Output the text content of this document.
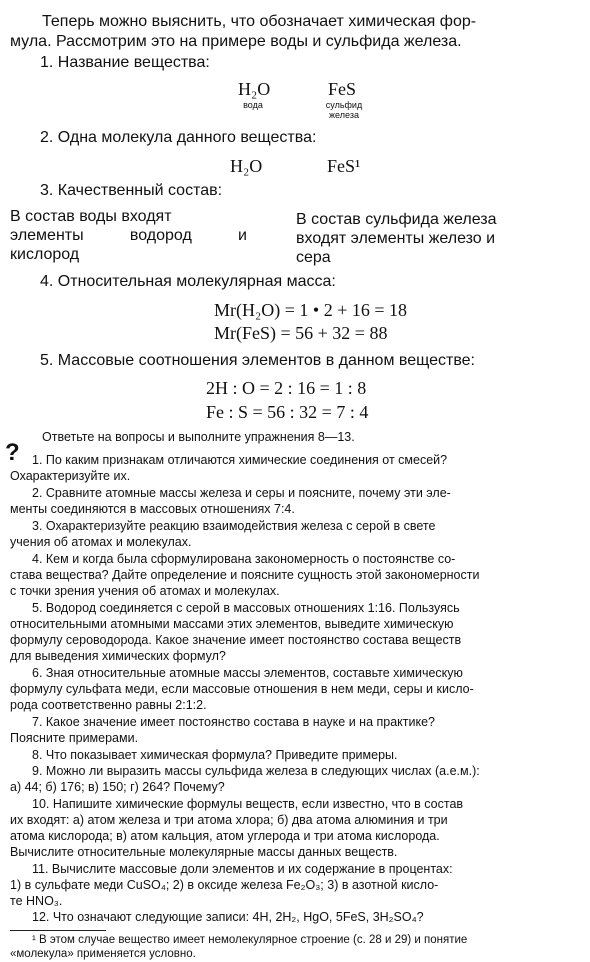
Теперь можно выяснить, что обозначает химическая фор-
мула. Рассмотрим это на примере воды и сульфида железа.
1. Название вещества:
H₂O
вода
FeS
сульфид
железа
2. Одна молекула данного вещества:
H₂O	FeS¹
3. Качественный состав:
В состав воды входят
элементы водород и
кислород
В состав сульфида железа
входят элементы железо и
сера
4. Относительная молекулярная масса:
Mr(H₂O) = 1 • 2 + 16 = 18
Mr(FeS) = 56 + 32 = 88
5. Массовые соотношения элементов в данном веществе:
2H : O = 2 : 16 = 1 : 8
Fe : S = 56 : 32 = 7 : 4
Ответьте на вопросы и выполните упражнения 8—13.
? 1. По каким признакам отличаются химические соединения от смесей?
Охарактеризуйте их.
2. Сравните атомные массы железа и серы и поясните, почему эти эле-
менты соединяются в массовых отношениях 7:4.
3. Охарактеризуйте реакцию взаимодействия железа с серой в свете
учения об атомах и молекулах.
4. Кем и когда была сформулирована закономерность о постоянстве со-
става вещества? Дайте определение и поясните сущность этой закономерности
с точки зрения учения об атомах и молекулах.
5. Водород соединяется с серой в массовых отношениях 1:16. Пользуясь
относительными атомными массами этих элементов, выведите химическую
формулу сероводорода. Какое значение имеет постоянство состава веществ
для выведения химических формул?
6. Зная относительные атомные массы элементов, составьте химическую
формулу сульфата меди, если массовые отношения в нем меди, серы и кисло-
рода соответственно равны 2:1:2.
7. Какое значение имеет постоянство состава в науке и на практике?
Поясните примерами.
8. Что показывает химическая формула? Приведите примеры.
9. Можно ли выразить массы сульфида железа в следующих числах (а.е.м.):
а) 44; б) 176; в) 150; г) 264? Почему?
10. Напишите химические формулы веществ, если известно, что в состав
их входят: а) атом железа и три атома хлора; б) два атома алюминия и три
атома кислорода; в) атом кальция, атом углерода и три атома кислорода.
Вычислите относительные молекулярные массы данных веществ.
11. Вычислите массовые доли элементов и их содержание в процентах:
1) в сульфате меди CuSO₄; 2) в оксиде железа Fe₂O₃; 3) в азотной кисло-
те HNO₃.
12. Что означают следующие записи: 4H, 2H₂, HgO, 5FeS, 3H₂SO₄?
¹ В этом случае вещество имеет немолекулярное строение (с. 28 и 29) и понятие
«молекула» применяется условно.
